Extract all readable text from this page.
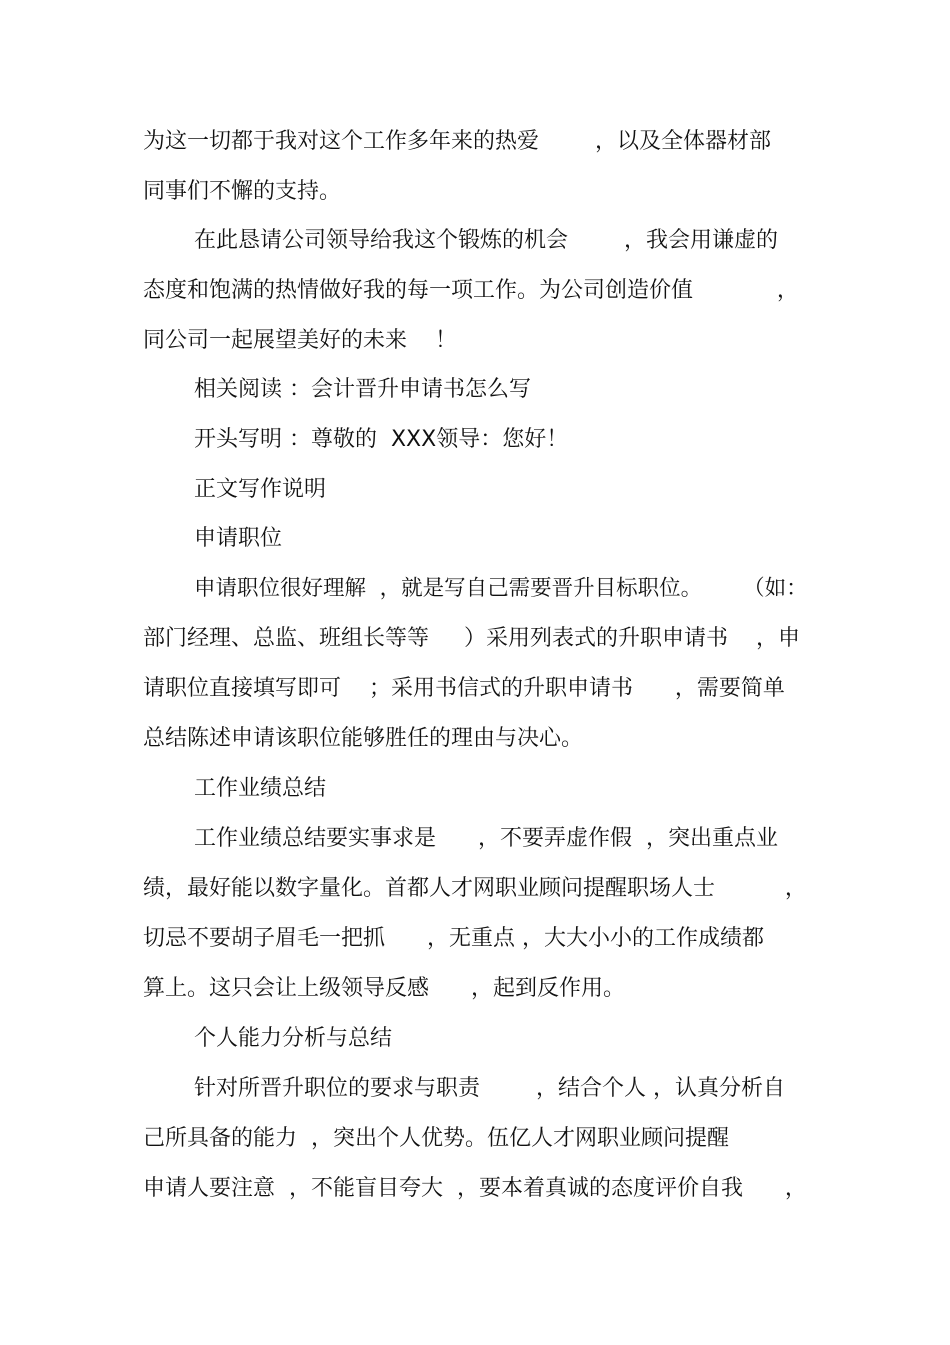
为这一切都于我对这个工作多年来的热爱        ，以及全体器材部

同事们不懈的支持。

在此恳请公司领导给我这个锻炼的机会        ，我会用谦虚的

态度和饱满的热情做好我的每一项工作。为公司创造价值            ，

同公司一起展望美好的未来    ！

相关阅读 ：会计晋升申请书怎么写

开头写明 ：尊敬的  XXX领导：您好！

正文写作说明

申请职位

申请职位很好理解  ，就是写自己需要晋升目标职位。      （如：

部门经理、总监、班组长等等     ）采用列表式的升职申请书    ，申

请职位直接填写即可    ；采用书信式的升职申请书      ，需要简单

总结陈述申请该职位能够胜任的理由与决心。

工作业绩总结

工作业绩总结要实事求是      ，不要弄虚作假  ，突出重点业

绩，最好能以数字量化。首都人才网职业顾问提醒职场人士          ，

切忌不要胡子眉毛一把抓      ，无重点 ，大大小小的工作成绩都

算上。这只会让上级领导反感      ，起到反作用。

个人能力分析与总结

针对所晋升职位的要求与职责        ，结合个人 ，认真分析自

己所具备的能力  ，突出个人优势。伍亿人才网职业顾问提醒

申请人要注意  ，不能盲目夸大  ，要本着真诚的态度评价自我      ，
